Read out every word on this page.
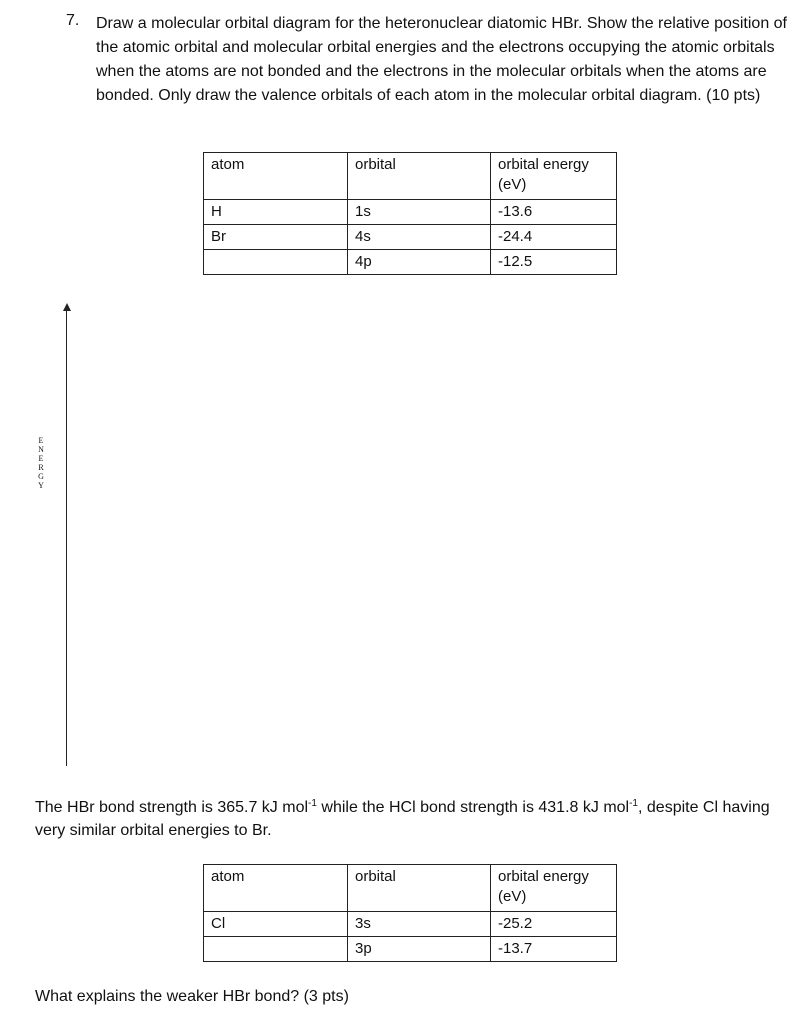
7. Draw a molecular orbital diagram for the heteronuclear diatomic HBr. Show the relative position of the atomic orbital and molecular orbital energies and the electrons occupying the atomic orbitals when the atoms are not bonded and the electrons in the molecular orbitals when the atoms are bonded. Only draw the valence orbitals of each atom in the molecular orbital diagram. (10 pts)
atom	orbital	orbital energy (eV)
H	1s	-13.6
Br	4s	-24.4
	4p	-12.5
E
N
E
R
G
Y
The HBr bond strength is 365.7 kJ mol$^{-1}$ while the HCl bond strength is 431.8 kJ mol$^{-1}$, despite Cl having very similar orbital energies to Br.
atom	orbital	orbital energy (eV)
Cl	3s	-25.2
	3p	-13.7
What explains the weaker HBr bond? (3 pts)
